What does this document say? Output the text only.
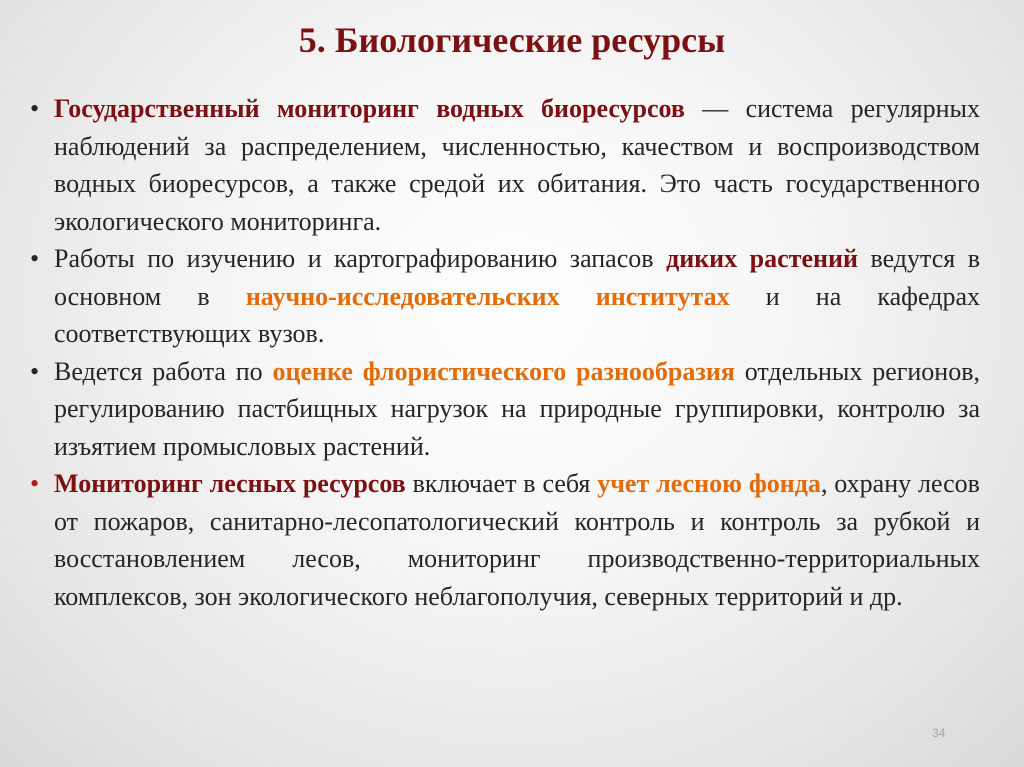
5. Биологические ресурсы
• Государственный мониторинг водных биоресурсов — система регулярных наблюдений за распределением, численностью, качеством и воспроизводством водных биоресурсов, а также средой их обитания. Это часть государственного экологического мониторинга.
• Работы по изучению и картографированию запасов диких растений ведутся в основном в научно-исследовательских институтах и на кафедрах соответствующих вузов.
• Ведется работа по оценке флористического разнообразия отдельных регионов, регулированию пастбищных нагрузок на природные группировки, контролю за изъятием промысловых растений.
• Мониторинг лесных ресурсов включает в себя учет лесною фонда, охрану лесов от пожаров, санитарно-лесопатологический контроль и контроль за рубкой и восстановлением лесов, мониторинг производственно-территориальных комплексов, зон экологического неблагополучия, северных территорий и др.
34
